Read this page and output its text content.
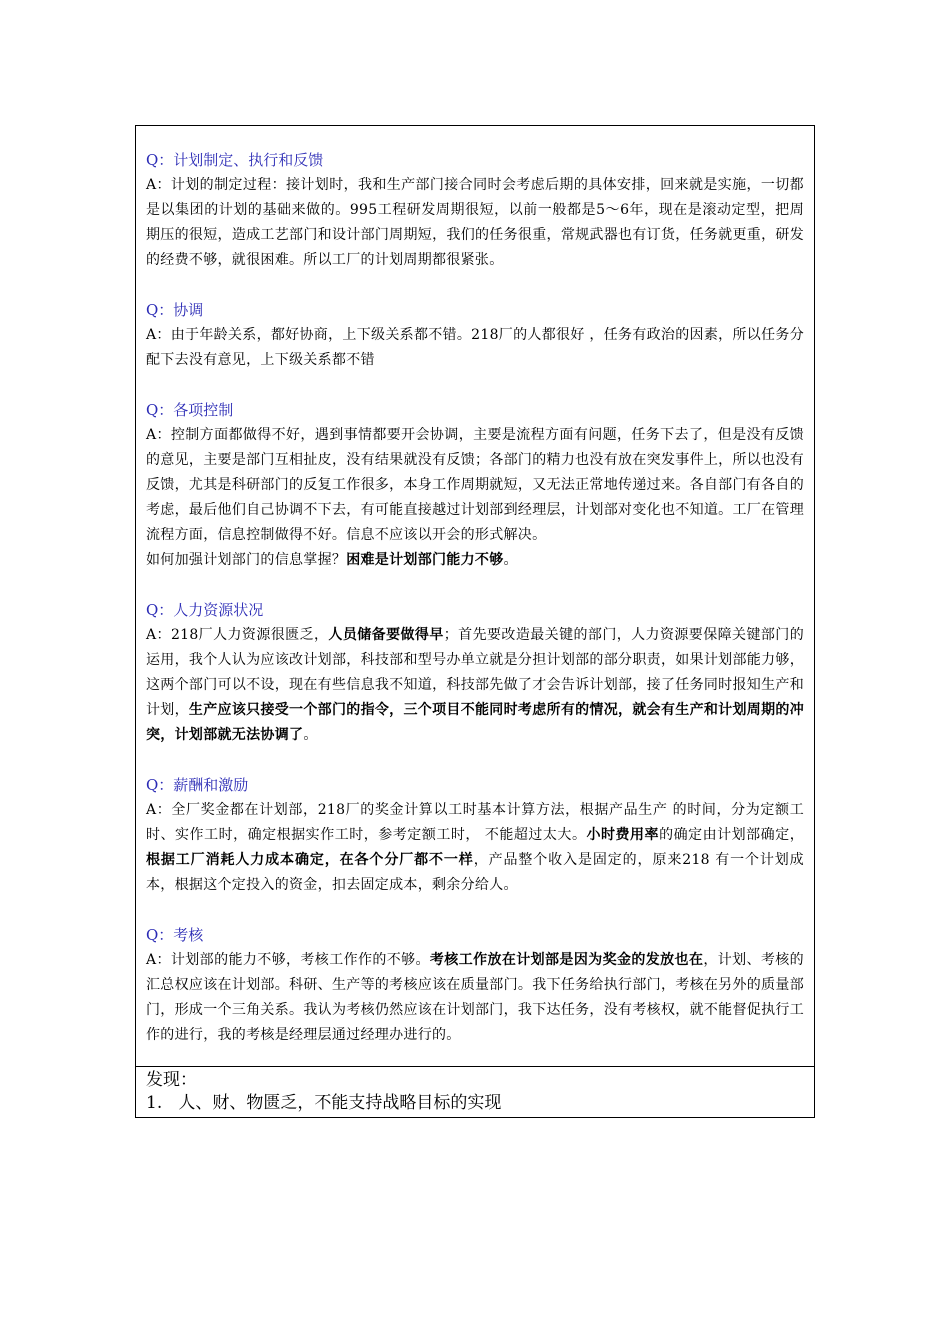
Q：计划制定、执行和反馈

A：计划的制定过程：接计划时，我和生产部门接合同时会考虑后期的具体安排，回来就是实施，一切都是以集团的计划的基础来做的。995工程研发周期很短，以前一般都是5～6年，现在是滚动定型，把周期压的很短，造成工艺部门和设计部门周期短，我们的任务很重，常规武器也有订货，任务就更重，研发的经费不够，就很困难。所以工厂的计划周期都很紧张。

Q：协调

A：由于年龄关系，都好协商，上下级关系都不错。218厂的人都很好 ，任务有政治的因素，所以任务分配下去没有意见，上下级关系都不错

Q：各项控制

A：控制方面都做得不好，遇到事情都要开会协调，主要是流程方面有问题，任务下去了，但是没有反馈的意见，主要是部门互相扯皮，没有结果就没有反馈；各部门的精力也没有放在突发事件上，所以也没有反馈，尤其是科研部门的反复工作很多，本身工作周期就短，又无法正常地传递过来。各自部门有各自的考虑，最后他们自己协调不下去，有可能直接越过计划部到经理层，计划部对变化也不知道。工厂在管理流程方面，信息控制做得不好。信息不应该以开会的形式解决。

如何加强计划部门的信息掌握？困难是计划部门能力不够。

Q：人力资源状况

A：218厂人力资源很匮乏，人员储备要做得早；首先要改造最关键的部门，人力资源要保障关键部门的运用，我个人认为应该改计划部，科技部和型号办单立就是分担计划部的部分职责，如果计划部能力够，这两个部门可以不设，现在有些信息我不知道，科技部先做了才会告诉计划部，接了任务同时报知生产和计划，生产应该只接受一个部门的指令，三个项目不能同时考虑所有的情况，就会有生产和计划周期的冲突，计划部就无法协调了。

Q：薪酬和激励

A：全厂奖金都在计划部，218厂的奖金计算以工时基本计算方法，根据产品生产 的时间，分为定额工时、实作工时，确定根据实作工时，参考定额工时， 不能超过太大。小时费用率的确定由计划部确定，根据工厂消耗人力成本确定，在各个分厂都不一样，产品整个收入是固定的，原来218 有一个计划成本，根据这个定投入的资金，扣去固定成本，剩余分给人。

Q：考核

A：计划部的能力不够，考核工作作的不够。考核工作放在计划部是因为奖金的发放也在，计划、考核的汇总权应该在计划部。科研、生产等的考核应该在质量部门。我下任务给执行部门，考核在另外的质量部门，形成一个三角关系。我认为考核仍然应该在计划部门，我下达任务，没有考核权，就不能督促执行工作的进行，我的考核是经理层通过经理办进行的。

发现：

1.   人、财、物匮乏，不能支持战略目标的实现
